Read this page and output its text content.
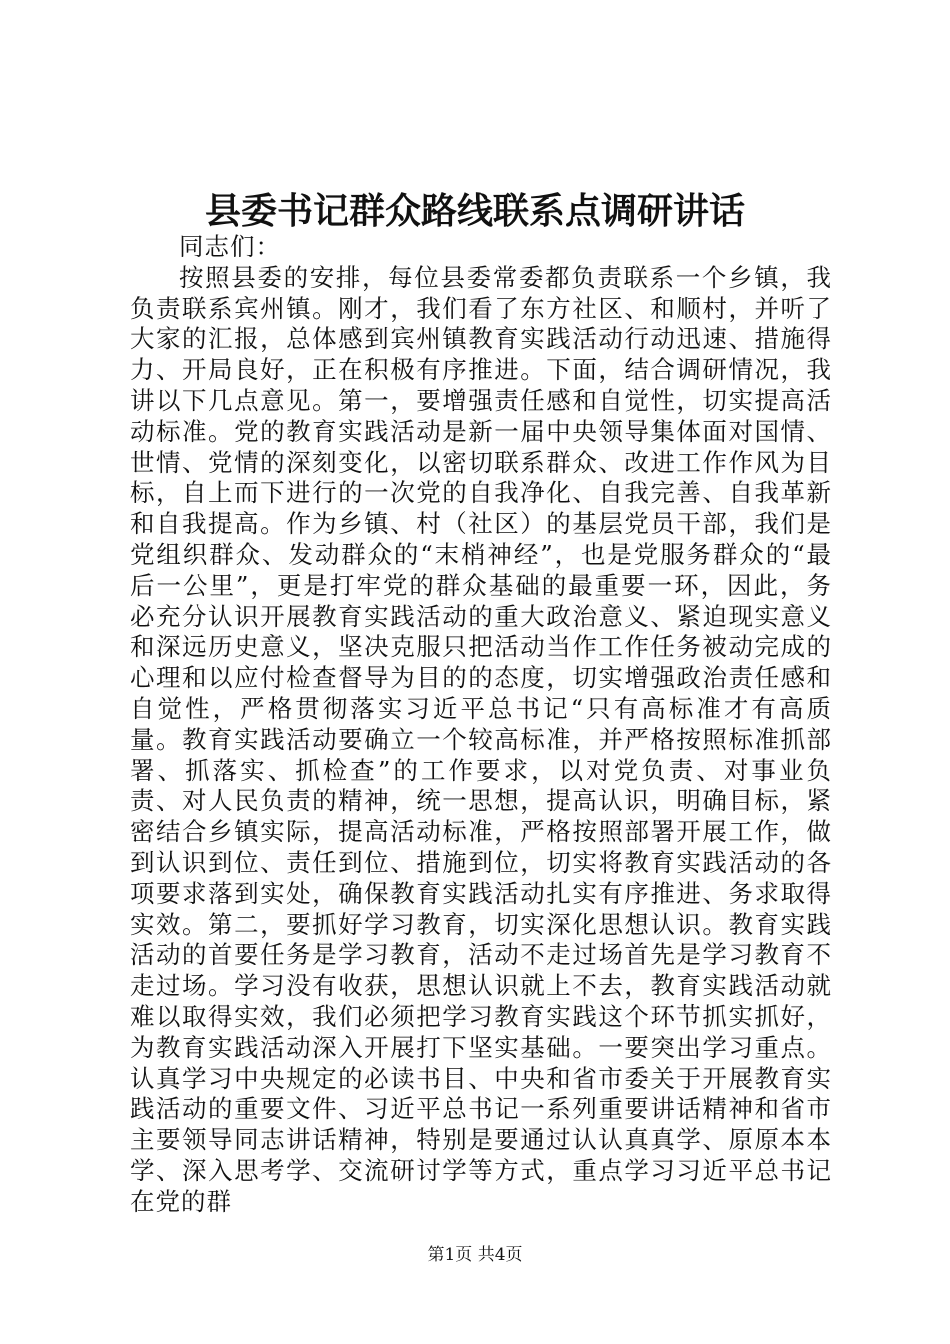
县委书记群众路线联系点调研讲话

同志们：

按照县委的安排，每位县委常委都负责联系一个乡镇，我负责联系宾州镇。刚才，我们看了东方社区、和顺村，并听了大家的汇报，总体感到宾州镇教育实践活动行动迅速、措施得力、开局良好，正在积极有序推进。下面，结合调研情况，我讲以下几点意见。第一，要增强责任感和自觉性，切实提高活动标准。党的教育实践活动是新一届中央领导集体面对国情、世情、党情的深刻变化，以密切联系群众、改进工作作风为目标，自上而下进行的一次党的自我净化、自我完善、自我革新和自我提高。作为乡镇、村（社区）的基层党员干部，我们是党组织群众、发动群众的“末梢神经”，也是党服务群众的“最后一公里”，更是打牢党的群众基础的最重要一环，因此，务必充分认识开展教育实践活动的重大政治意义、紧迫现实意义和深远历史意义，坚决克服只把活动当作工作任务被动完成的心理和以应付检查督导为目的的态度，切实增强政治责任感和自觉性，严格贯彻落实习近平总书记“只有高标准才有高质量。教育实践活动要确立一个较高标准，并严格按照标准抓部署、抓落实、抓检查”的工作要求，以对党负责、对事业负责、对人民负责的精神，统一思想，提高认识，明确目标，紧密结合乡镇实际，提高活动标准，严格按照部署开展工作，做到认识到位、责任到位、措施到位，切实将教育实践活动的各项要求落到实处，确保教育实践活动扎实有序推进、务求取得实效。第二，要抓好学习教育，切实深化思想认识。教育实践活动的首要任务是学习教育，活动不走过场首先是学习教育不走过场。学习没有收获，思想认识就上不去，教育实践活动就难以取得实效，我们必须把学习教育实践这个环节抓实抓好，为教育实践活动深入开展打下坚实基础。一要突出学习重点。认真学习中央规定的必读书目、中央和省市委关于开展教育实践活动的重要文件、习近平总书记一系列重要讲话精神和省市主要领导同志讲话精神，特别是要通过认认真真学、原原本本学、深入思考学、交流研讨学等方式，重点学习习近平总书记在党的群

第1页 共4页
